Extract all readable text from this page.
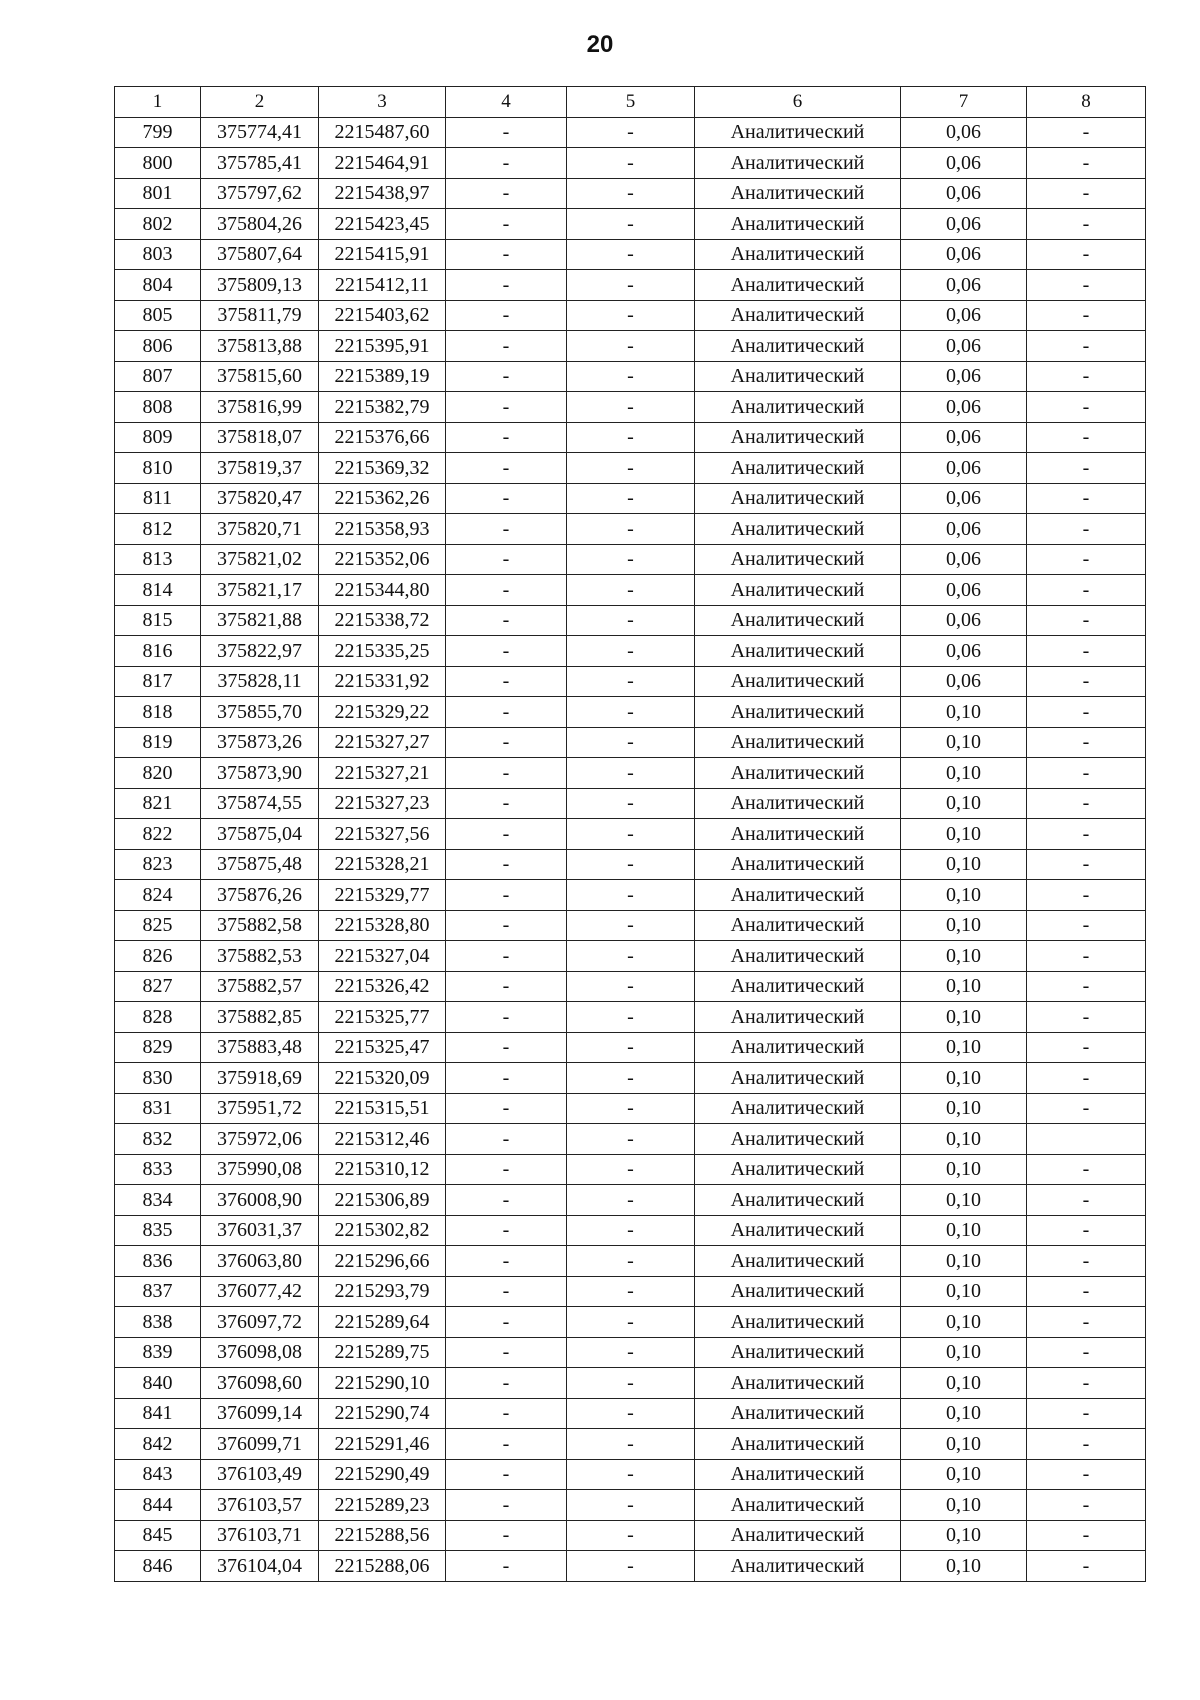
20
1	2	3	4	5	6	7	8
799	375774,41	2215487,60	-	-	Аналитический	0,06	-
800	375785,41	2215464,91	-	-	Аналитический	0,06	-
801	375797,62	2215438,97	-	-	Аналитический	0,06	-
802	375804,26	2215423,45	-	-	Аналитический	0,06	-
803	375807,64	2215415,91	-	-	Аналитический	0,06	-
804	375809,13	2215412,11	-	-	Аналитический	0,06	-
805	375811,79	2215403,62	-	-	Аналитический	0,06	-
806	375813,88	2215395,91	-	-	Аналитический	0,06	-
807	375815,60	2215389,19	-	-	Аналитический	0,06	-
808	375816,99	2215382,79	-	-	Аналитический	0,06	-
809	375818,07	2215376,66	-	-	Аналитический	0,06	-
810	375819,37	2215369,32	-	-	Аналитический	0,06	-
811	375820,47	2215362,26	-	-	Аналитический	0,06	-
812	375820,71	2215358,93	-	-	Аналитический	0,06	-
813	375821,02	2215352,06	-	-	Аналитический	0,06	-
814	375821,17	2215344,80	-	-	Аналитический	0,06	-
815	375821,88	2215338,72	-	-	Аналитический	0,06	-
816	375822,97	2215335,25	-	-	Аналитический	0,06	-
817	375828,11	2215331,92	-	-	Аналитический	0,06	-
818	375855,70	2215329,22	-	-	Аналитический	0,10	-
819	375873,26	2215327,27	-	-	Аналитический	0,10	-
820	375873,90	2215327,21	-	-	Аналитический	0,10	-
821	375874,55	2215327,23	-	-	Аналитический	0,10	-
822	375875,04	2215327,56	-	-	Аналитический	0,10	-
823	375875,48	2215328,21	-	-	Аналитический	0,10	-
824	375876,26	2215329,77	-	-	Аналитический	0,10	-
825	375882,58	2215328,80	-	-	Аналитический	0,10	-
826	375882,53	2215327,04	-	-	Аналитический	0,10	-
827	375882,57	2215326,42	-	-	Аналитический	0,10	-
828	375882,85	2215325,77	-	-	Аналитический	0,10	-
829	375883,48	2215325,47	-	-	Аналитический	0,10	-
830	375918,69	2215320,09	-	-	Аналитический	0,10	-
831	375951,72	2215315,51	-	-	Аналитический	0,10	-
832	375972,06	2215312,46	-	-	Аналитический	0,10	
833	375990,08	2215310,12	-	-	Аналитический	0,10	-
834	376008,90	2215306,89	-	-	Аналитический	0,10	-
835	376031,37	2215302,82	-	-	Аналитический	0,10	-
836	376063,80	2215296,66	-	-	Аналитический	0,10	-
837	376077,42	2215293,79	-	-	Аналитический	0,10	-
838	376097,72	2215289,64	-	-	Аналитический	0,10	-
839	376098,08	2215289,75	-	-	Аналитический	0,10	-
840	376098,60	2215290,10	-	-	Аналитический	0,10	-
841	376099,14	2215290,74	-	-	Аналитический	0,10	-
842	376099,71	2215291,46	-	-	Аналитический	0,10	-
843	376103,49	2215290,49	-	-	Аналитический	0,10	-
844	376103,57	2215289,23	-	-	Аналитический	0,10	-
845	376103,71	2215288,56	-	-	Аналитический	0,10	-
846	376104,04	2215288,06	-	-	Аналитический	0,10	-
